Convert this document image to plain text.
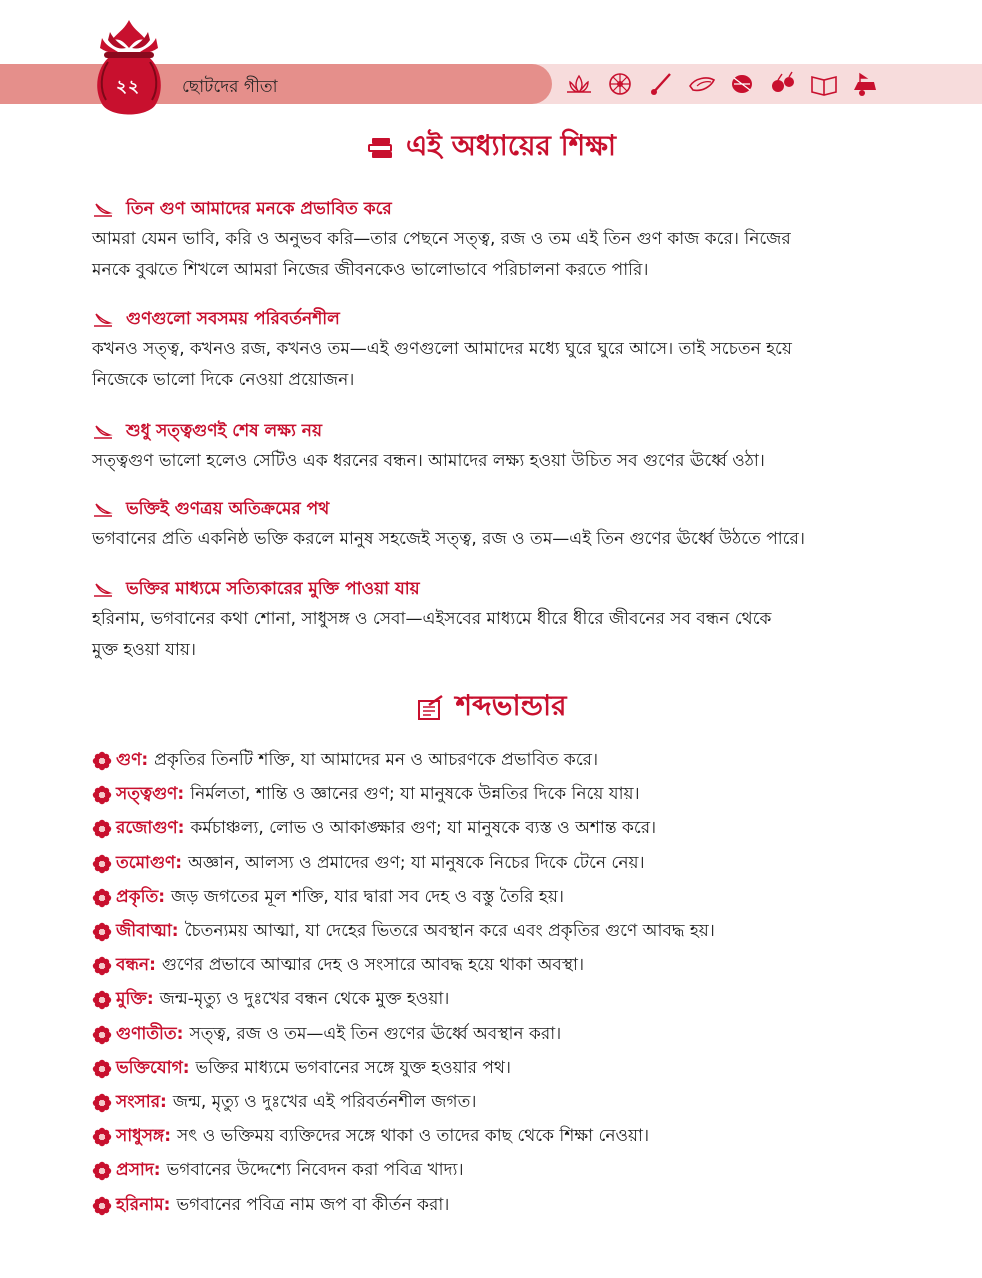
২২	ছোটদের গীতা
এই অধ্যায়ের শিক্ষা
তিন গুণ আমাদের মনকে প্রভাবিত করে
আমরা যেমন ভাবি, করি ও অনুভব করি—তার পেছনে সত্ত্ব, রজ ও তম এই তিন গুণ কাজ করে। নিজের
মনকে বুঝতে শিখলে আমরা নিজের জীবনকেও ভালোভাবে পরিচালনা করতে পারি।
গুণগুলো সবসময় পরিবর্তনশীল
কখনও সত্ত্ব, কখনও রজ, কখনও তম—এই গুণগুলো আমাদের মধ্যে ঘুরে ঘুরে আসে। তাই সচেতন হয়ে
নিজেকে ভালো দিকে নেওয়া প্রয়োজন।
শুধু সত্ত্বগুণই শেষ লক্ষ্য নয়
সত্ত্বগুণ ভালো হলেও সেটিও এক ধরনের বন্ধন। আমাদের লক্ষ্য হওয়া উচিত সব গুণের ঊর্ধ্বে ওঠা।
ভক্তিই গুণত্রয় অতিক্রমের পথ
ভগবানের প্রতি একনিষ্ঠ ভক্তি করলে মানুষ সহজেই সত্ত্ব, রজ ও তম—এই তিন গুণের ঊর্ধ্বে উঠতে পারে।
ভক্তির মাধ্যমে সত্যিকারের মুক্তি পাওয়া যায়
হরিনাম, ভগবানের কথা শোনা, সাধুসঙ্গ ও সেবা—এইসবের মাধ্যমে ধীরে ধীরে জীবনের সব বন্ধন থেকে
মুক্ত হওয়া যায়।
শব্দভান্ডার
গুণ: প্রকৃতির তিনটি শক্তি, যা আমাদের মন ও আচরণকে প্রভাবিত করে।
সত্ত্বগুণ: নির্মলতা, শান্তি ও জ্ঞানের গুণ; যা মানুষকে উন্নতির দিকে নিয়ে যায়।
রজোগুণ: কর্মচাঞ্চল্য, লোভ ও আকাঙ্ক্ষার গুণ; যা মানুষকে ব্যস্ত ও অশান্ত করে।
তমোগুণ: অজ্ঞান, আলস্য ও প্রমাদের গুণ; যা মানুষকে নিচের দিকে টেনে নেয়।
প্রকৃতি: জড় জগতের মূল শক্তি, যার দ্বারা সব দেহ ও বস্তু তৈরি হয়।
জীবাত্মা: চৈতন্যময় আত্মা, যা দেহের ভিতরে অবস্থান করে এবং প্রকৃতির গুণে আবদ্ধ হয়।
বন্ধন: গুণের প্রভাবে আত্মার দেহ ও সংসারে আবদ্ধ হয়ে থাকা অবস্থা।
মুক্তি: জন্ম-মৃত্যু ও দুঃখের বন্ধন থেকে মুক্ত হওয়া।
গুণাতীত: সত্ত্ব, রজ ও তম—এই তিন গুণের ঊর্ধ্বে অবস্থান করা।
ভক্তিযোগ: ভক্তির মাধ্যমে ভগবানের সঙ্গে যুক্ত হওয়ার পথ।
সংসার: জন্ম, মৃত্যু ও দুঃখের এই পরিবর্তনশীল জগত।
সাধুসঙ্গ: সৎ ও ভক্তিময় ব্যক্তিদের সঙ্গে থাকা ও তাদের কাছ থেকে শিক্ষা নেওয়া।
প্রসাদ: ভগবানের উদ্দেশ্যে নিবেদন করা পবিত্র খাদ্য।
হরিনাম: ভগবানের পবিত্র নাম জপ বা কীর্তন করা।
